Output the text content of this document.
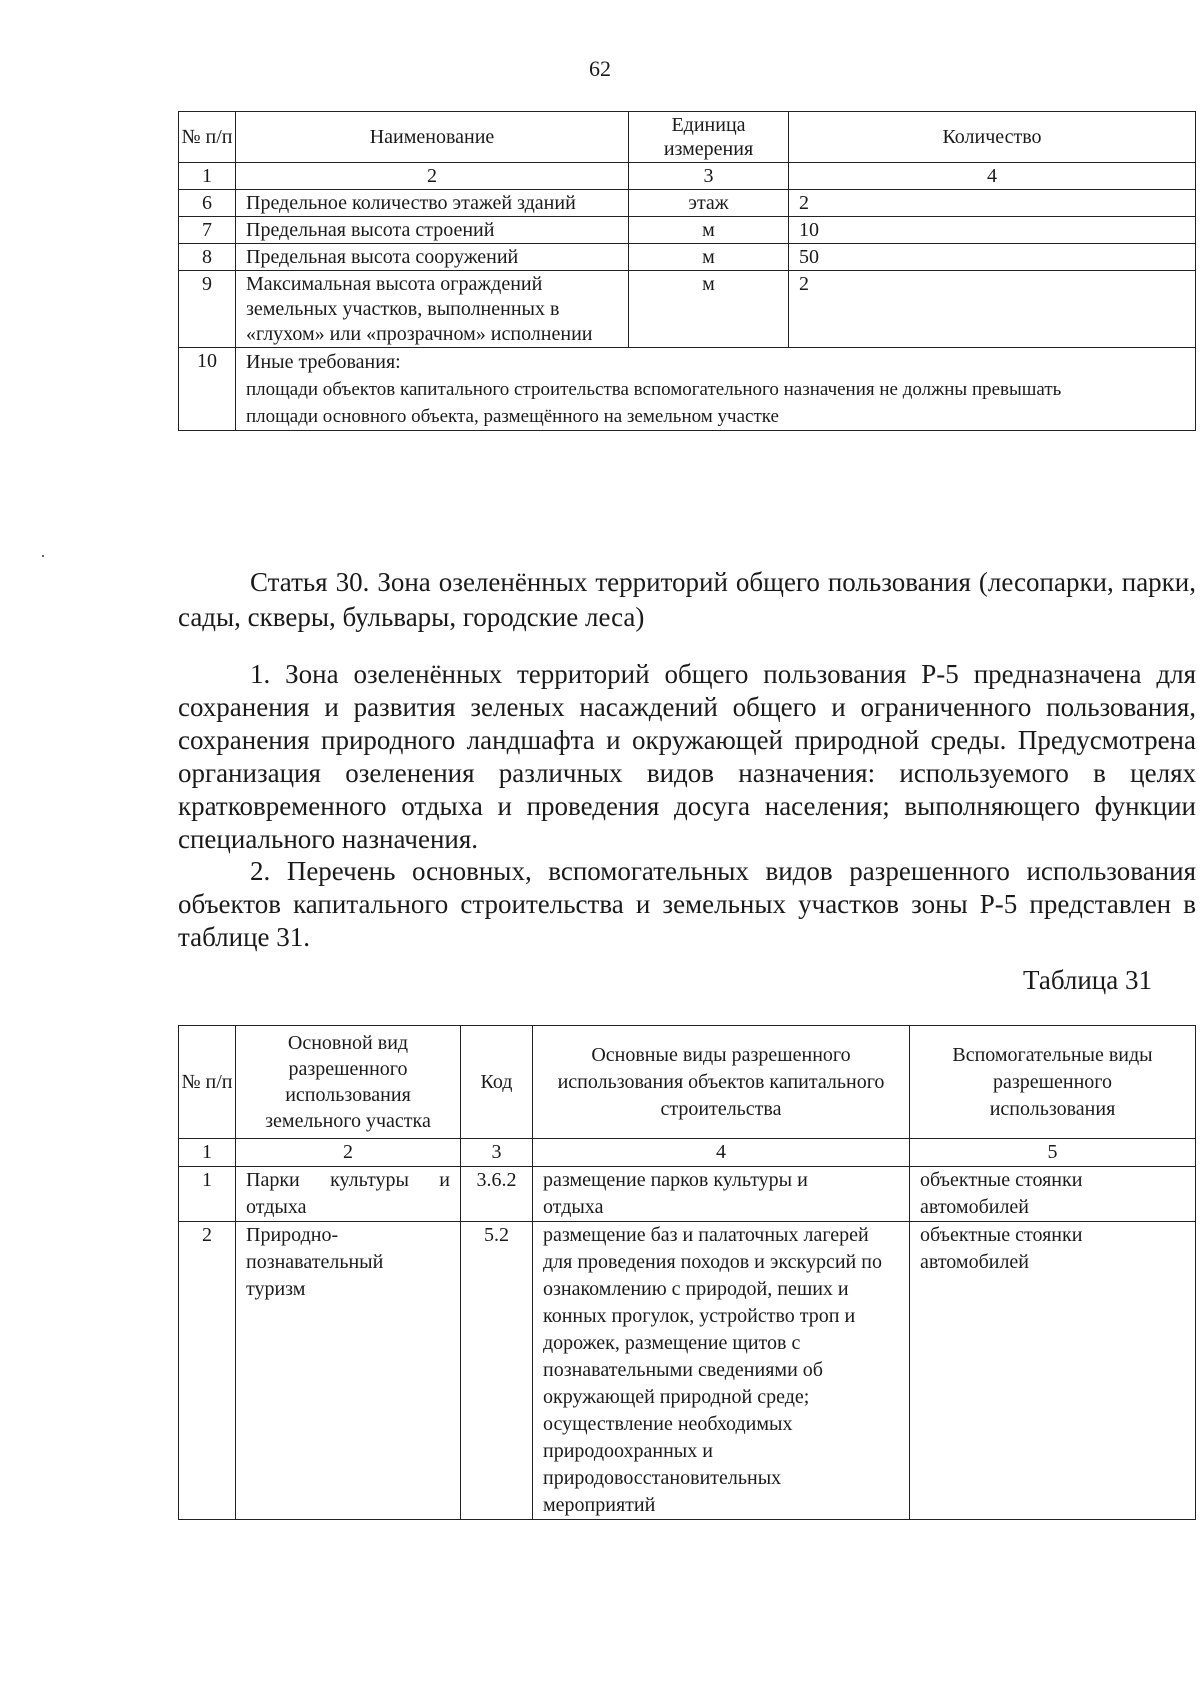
62
№ п/п	Наименование	Единица измерения	Количество
1	2	3	4
6	Предельное количество этажей зданий	этаж	2
7	Предельная высота строений	м	10
8	Предельная высота сооружений	м	50
9	Максимальная высота ограждений земельных участков, выполненных в «глухом» или «прозрачном» исполнении	м	2
10	Иные требования:
площади объектов капитального строительства вспомогательного назначения не должны превышать площади основного объекта, размещённого на земельном участке		
Статья 30. Зона озеленённых территорий общего пользования (лесопарки, парки, сады, скверы, бульвары, городские леса)

1. Зона озеленённых территорий общего пользования Р-5 предназначена для сохранения и развития зеленых насаждений общего и ограниченного пользования, сохранения природного ландшафта и окружающей природной среды. Предусмотрена организация озеленения различных видов назначения: используемого в целях кратковременного отдыха и проведения досуга населения; выполняющего функции специального назначения.

2. Перечень основных, вспомогательных видов разрешенного использования объектов капитального строительства и земельных участков зоны Р-5 представлен в таблице 31.

Таблица 31
№ п/п	Основной вид разрешенного использования земельного участка	Код	Основные виды разрешенного использования объектов капитального строительства	Вспомогательные виды разрешенного использования
1	2	3	4	5
1	Парки культуры и отдыха	3.6.2	размещение парков культуры и отдыха	объектные стоянки автомобилей
2	Природно-познавательный туризм	5.2	размещение баз и палаточных лагерей для проведения походов и экскурсий по ознакомлению с природой, пеших и конных прогулок, устройство троп и дорожек, размещение щитов с познавательными сведениями об окружающей природной среде; осуществление необходимых природоохранных и природовосстановительных мероприятий	объектные стоянки автомобилей
